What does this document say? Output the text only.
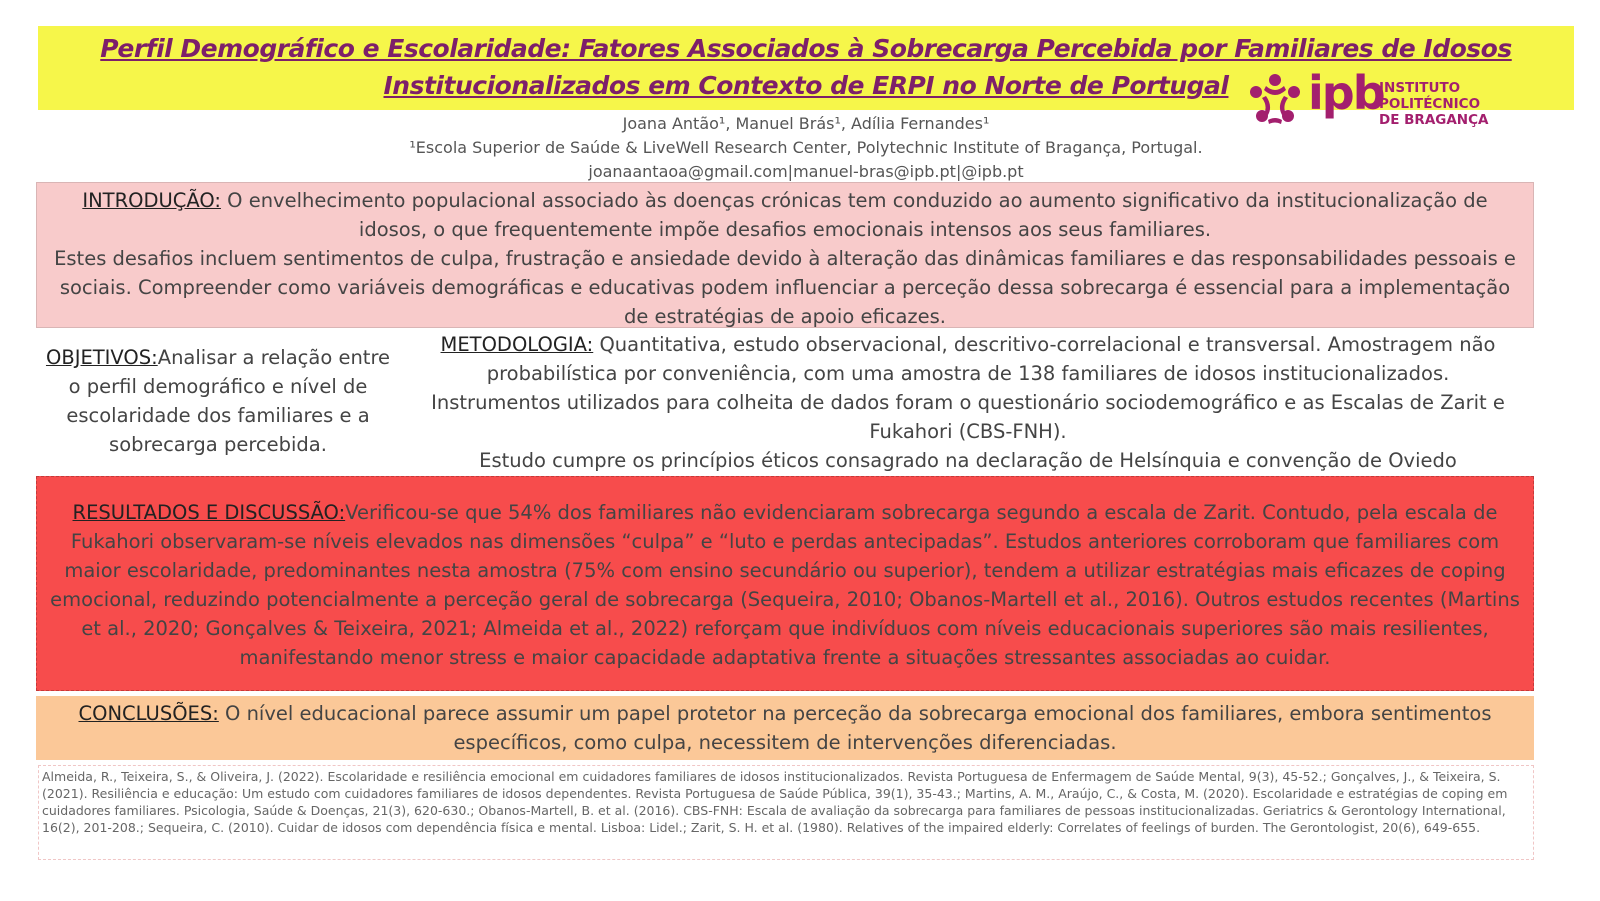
Perfil Demográfico e Escolaridade: Fatores Associados à Sobrecarga Percebida por Familiares de Idosos Institucionalizados em Contexto de ERPI no Norte de Portugal	ipb
INSTITUTO POLITÉCNICO
DE BRAGANÇA
Joana Antão¹, Manuel Brás¹, Adília Fernandes¹
¹Escola Superior de Saúde & LiveWell Research Center, Polytechnic Institute of Bragança, Portugal.
joanaantaoa@gmail.com|manuel-bras@ipb.pt|@ipb.pt

INTRODUÇÃO: O envelhecimento populacional associado às doenças crónicas tem conduzido ao aumento significativo da institucionalização de idosos, o que frequentemente impõe desafios emocionais intensos aos seus familiares.

Estes desafios incluem sentimentos de culpa, frustração e ansiedade devido à alteração das dinâmicas familiares e das responsabilidades pessoais e sociais. Compreender como variáveis demográficas e educativas podem influenciar a perceção dessa sobrecarga é essencial para a implementação de estratégias de apoio eficazes.

OBJETIVOS:Analisar a relação entre o perfil demográfico e nível de escolaridade dos familiares e a sobrecarga percebida.

METODOLOGIA: Quantitativa, estudo observacional, descritivo-correlacional e transversal. Amostragem não probabilística por conveniência, com uma amostra de 138 familiares de idosos institucionalizados.

Instrumentos utilizados para colheita de dados foram o questionário sociodemográfico e as Escalas de Zarit e Fukahori (CBS-FNH).

Estudo cumpre os princípios éticos consagrado na declaração de Helsínquia e convenção de Oviedo

RESULTADOS E DISCUSSÃO:Verificou-se que 54% dos familiares não evidenciaram sobrecarga segundo a escala de Zarit. Contudo, pela escala de Fukahori observaram-se níveis elevados nas dimensões “culpa” e “luto e perdas antecipadas”. Estudos anteriores corroboram que familiares com maior escolaridade, predominantes nesta amostra (75% com ensino secundário ou superior), tendem a utilizar estratégias mais eficazes de coping emocional, reduzindo potencialmente a perceção geral de sobrecarga (Sequeira, 2010; Obanos-Martell et al., 2016). Outros estudos recentes (Martins et al., 2020; Gonçalves & Teixeira, 2021; Almeida et al., 2022) reforçam que indivíduos com níveis educacionais superiores são mais resilientes, manifestando menor stress e maior capacidade adaptativa frente a situações stressantes associadas ao cuidar.

CONCLUSÕES: O nível educacional parece assumir um papel protetor na perceção da sobrecarga emocional dos familiares, embora sentimentos específicos, como culpa, necessitem de intervenções diferenciadas.

Almeida, R., Teixeira, S., & Oliveira, J. (2022). Escolaridade e resiliência emocional em cuidadores familiares de idosos institucionalizados. Revista Portuguesa de Enfermagem de Saúde Mental, 9(3), 45-52.; Gonçalves, J., & Teixeira, S. (2021). Resiliência e educação: Um estudo com cuidadores familiares de idosos dependentes. Revista Portuguesa de Saúde Pública, 39(1), 35-43.; Martins, A. M., Araújo, C., & Costa, M. (2020). Escolaridade e estratégias de coping em cuidadores familiares. Psicologia, Saúde & Doenças, 21(3), 620-630.; Obanos-Martell, B. et al. (2016). CBS-FNH: Escala de avaliação da sobrecarga para familiares de pessoas institucionalizadas. Geriatrics & Gerontology International, 16(2), 201-208.; Sequeira, C. (2010). Cuidar de idosos com dependência física e mental. Lisboa: Lidel.; Zarit, S. H. et al. (1980). Relatives of the impaired elderly: Correlates of feelings of burden. The Gerontologist, 20(6), 649-655.
